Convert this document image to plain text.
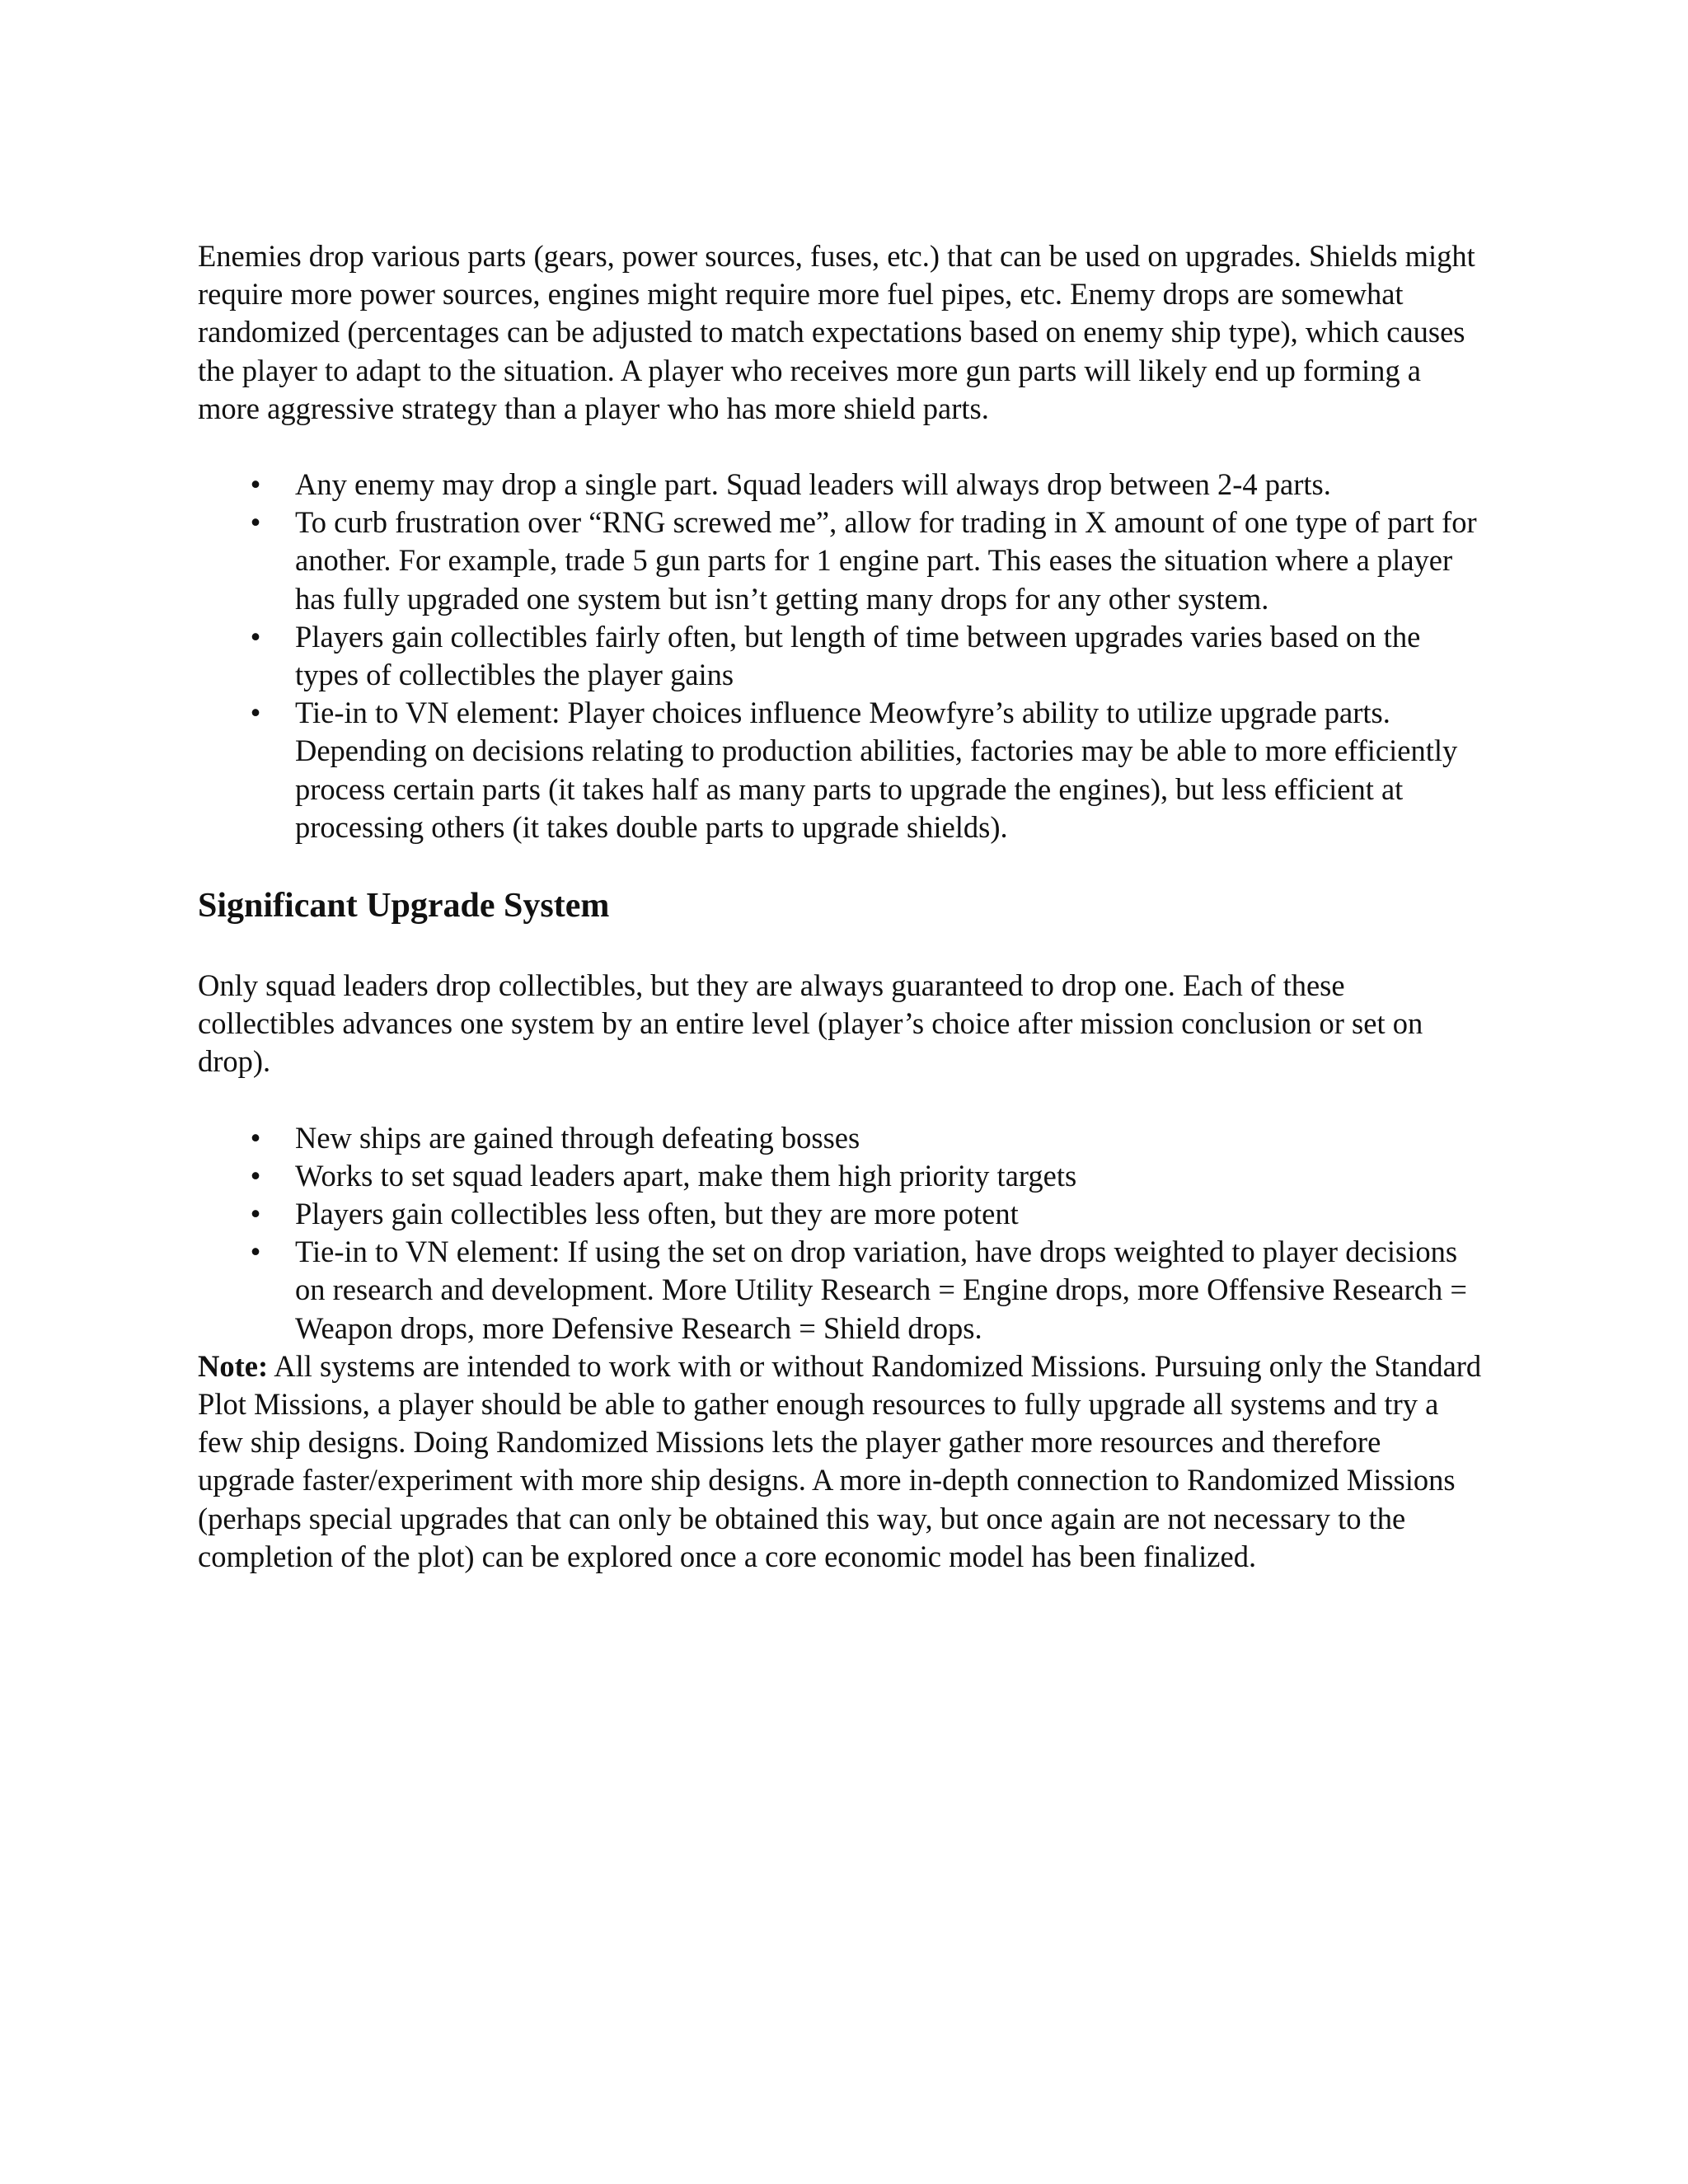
Enemies drop various parts (gears, power sources, fuses, etc.) that can be used on upgrades. Shields might require more power sources, engines might require more fuel pipes, etc. Enemy drops are somewhat randomized (percentages can be adjusted to match expectations based on enemy ship type), which causes the player to adapt to the situation. A player who receives more gun parts will likely end up forming a more aggressive strategy than a player who has more shield parts.

• Any enemy may drop a single part. Squad leaders will always drop between 2-4 parts.
• To curb frustration over “RNG screwed me”, allow for trading in X amount of one type of part for another. For example, trade 5 gun parts for 1 engine part. This eases the situation where a player has fully upgraded one system but isn’t getting many drops for any other system.
• Players gain collectibles fairly often, but length of time between upgrades varies based on the types of collectibles the player gains
• Tie-in to VN element: Player choices influence Meowfyre’s ability to utilize upgrade parts. Depending on decisions relating to production abilities, factories may be able to more efficiently process certain parts (it takes half as many parts to upgrade the engines), but less efficient at processing others (it takes double parts to upgrade shields).
Significant Upgrade System

Only squad leaders drop collectibles, but they are always guaranteed to drop one. Each of these collectibles advances one system by an entire level (player’s choice after mission conclusion or set on drop).

• New ships are gained through defeating bosses
• Works to set squad leaders apart, make them high priority targets
• Players gain collectibles less often, but they are more potent
• Tie-in to VN element: If using the set on drop variation, have drops weighted to player decisions on research and development. More Utility Research = Engine drops, more Offensive Research = Weapon drops, more Defensive Research = Shield drops.

Note: All systems are intended to work with or without Randomized Missions. Pursuing only the Standard Plot Missions, a player should be able to gather enough resources to fully upgrade all systems and try a few ship designs. Doing Randomized Missions lets the player gather more resources and therefore upgrade faster/experiment with more ship designs. A more in-depth connection to Randomized Missions (perhaps special upgrades that can only be obtained this way, but once again are not necessary to the completion of the plot) can be explored once a core economic model has been finalized.
